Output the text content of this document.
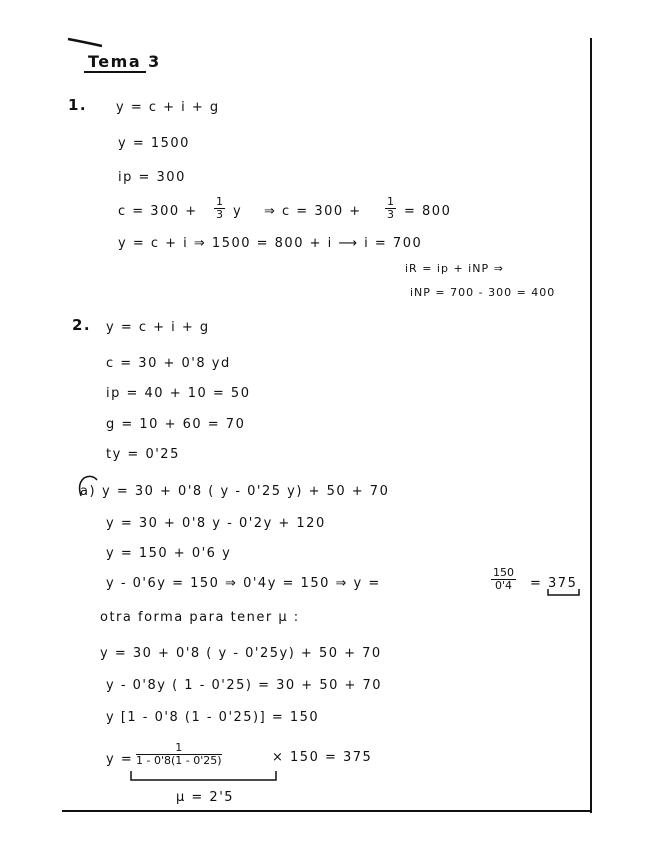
Tema 3
1. y = c + i + g
y = 1500
ip = 300
$c = 300 + \frac{1}{3}$ y ⇒ $c = 300 + \frac{1}{3} = 800$
y = c + i ⇒ 1500 = 800 + i ⟶ i = 700
iR = ip + iNP ⇒
iNP = 700 - 300 = 400
2. y = c + i + g
c = 30 + 0'8 yd
ip = 40 + 10 = 50
g = 10 + 60 = 70
ty = 0'25
a) y = 30 + 0'8 ( y - 0'25 y) + 50 + 70
y = 30 + 0'8 y - 0'2y + 120
y = 150 + 0'6 y
y - 0'6y = 150 ⇒ 0'4y = 150 ⇒ y =	$\frac{150}{0'4} = 375$
otra forma para tener μ :
y = 30 + 0'8 ( y - 0'25y) + 50 + 70
y - 0'8y ( 1 - 0'25) = 30 + 50 + 70
y [1 - 0'8 (1 - 0'25)] = 150
$y = \frac{1}{1 - 0'8(1 - 0'25)}$	× 150 = 375
μ = 2'5
